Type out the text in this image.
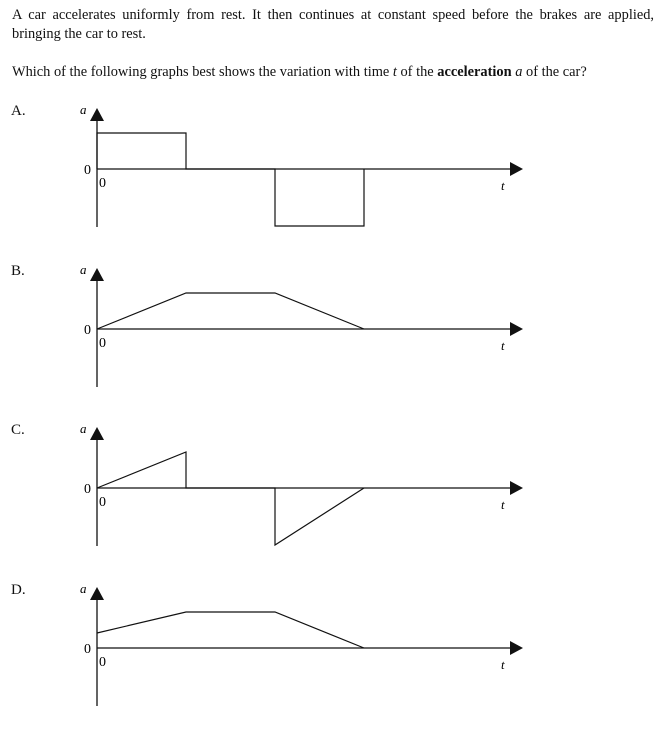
A car accelerates uniformly from rest. It then continues at constant speed before the brakes are applied, bringing the car to rest.

Which of the following graphs best shows the variation with time t of the acceleration a of the car?

A.	a
t
0
0
B.	a
t
0
0
C.	a
t
0
0
D.	a
t
0
0
